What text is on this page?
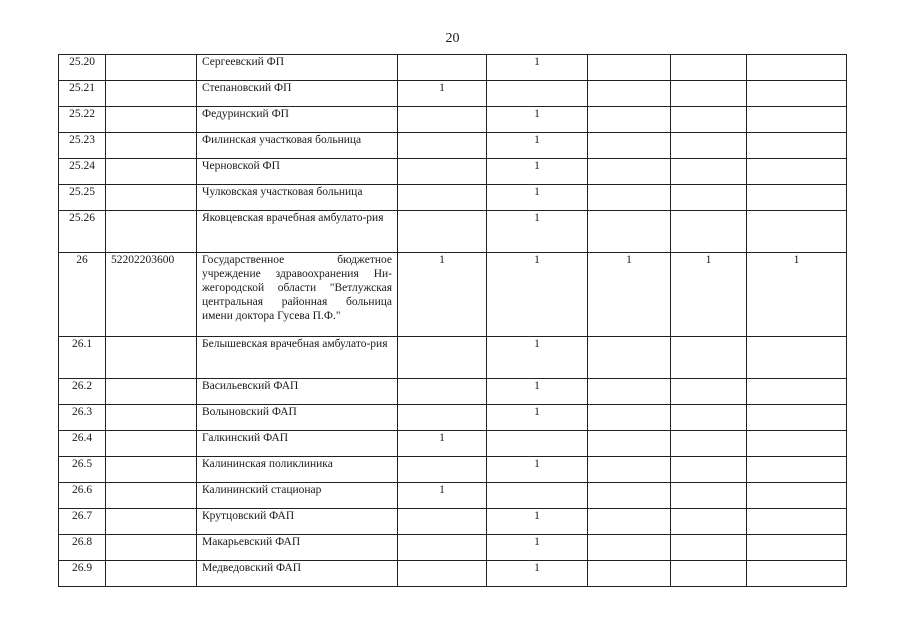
20
25.20		Сергеевский ФП		1			
25.21		Степановский ФП	1				
25.22		Федуринский ФП		1			
25.23		Филинская участковая больница		1			
25.24		Черновской ФП		1			
25.25		Чулковская участковая больница		1			
25.26		Яковцевская врачебная амбулато-рия		1			
26	52202203600	Государственное бюджетное учреждение здравоохранения Ни-жегородской области "Ветлужская центральная районная больница имени доктора Гусева П.Ф."	1	1	1	1	1
26.1		Белышевская врачебная амбулато-рия		1			
26.2		Васильевский ФАП		1			
26.3		Волыновский ФАП		1			
26.4		Галкинский ФАП	1				
26.5		Калининская поликлиника		1			
26.6		Калининский стационар	1				
26.7		Крутцовский ФАП		1			
26.8		Макарьевский ФАП		1			
26.9		Медведовский ФАП		1			
